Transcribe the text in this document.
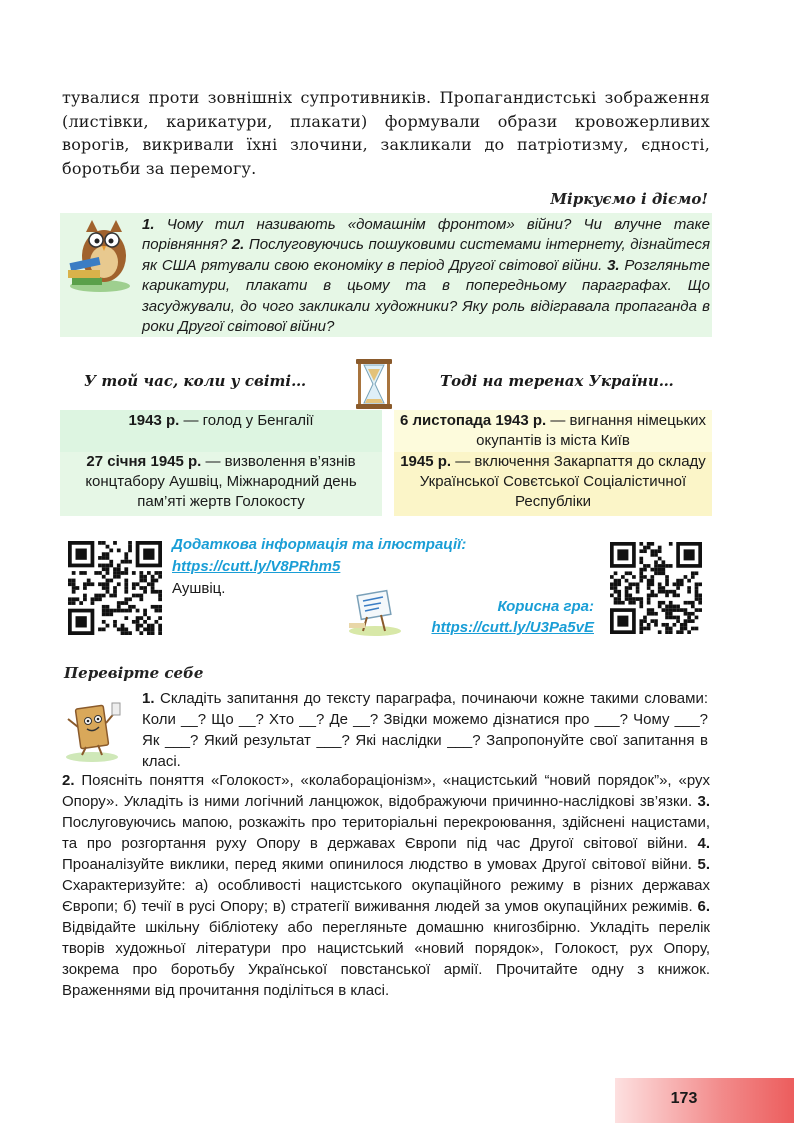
тувалися проти зовнішніх супротивників. Пропагандистські зображення (листівки, карикатури, плакати) формували образи кровожерливих ворогів, викривали їхні злочини, закликали до патріотизму, єдності, боротьби за перемогу.
Міркуємо і діємо!
1. Чому тил називають «домашнім фронтом» війни? Чи влучне таке порівняння? 2. Послуговуючись пошуковими системами інтернету, дізнайтеся як США рятували свою економіку в період Другої світової війни. 3. Розгляньте карикатури, плакати в цьому та в попередньому параграфах. Що засуджували, до чого закликали художники? Яку роль відігравала пропаганда в роки Другої світової війни?
У той час, коли у світі…	Тоді на теренах України…
1943 р. — голод у Бенгалії	6 листопада 1943 р. — вигнання німецьких окупантів із міста Київ
27 січня 1945 р. — визволення в’язнів концтабору Аушвіц, Міжнародний день пам’яті жертв Голокосту
1945 р. — включення Закарпаття до складу Української Совєтської Соціалістичної Республіки
Додаткова інформація та ілюстрації:
https://cutt.ly/V8PRhm5
Аушвіц.
Корисна гра:
https://cutt.ly/U3Pa5vE
Перевірте себе
1. Складіть запитання до тексту параграфа, починаючи кожне такими словами: Коли __? Що __? Хто __? Де __? Звідки можемо дізнатися про ___? Чому ___? Як ___? Який результат ___? Які наслідки ___? Запропонуйте свої запитання в класі.
2. Поясніть поняття «Голокост», «колабораціонізм», «нацистський “новий порядок”», «рух Опору». Укладіть із ними логічний ланцюжок, відображуючи причинно-наслідкові зв’язки. 3. Послуговуючись мапою, розкажіть про територіальні перекроювання, здійснені нацистами, та про розгортання руху Опору в державах Європи під час Другої світової війни. 4. Проаналізуйте виклики, перед якими опинилося людство в умовах Другої світової війни. 5. Схарактеризуйте: а) особливості нацистського окупаційного режиму в різних державах Європи; б) течії в русі Опору; в) стратегії виживання людей за умов окупаційних режимів. 6. Відвідайте шкільну бібліотеку або перегляньте домашню книгозбірню. Укладіть перелік творів художньої літератури про нацистський «новий порядок», Голокост, рух Опору, зокрема про боротьбу Української повстанської армії. Прочитайте одну з книжок. Враженнями від прочитання поділіться в класі.
173
